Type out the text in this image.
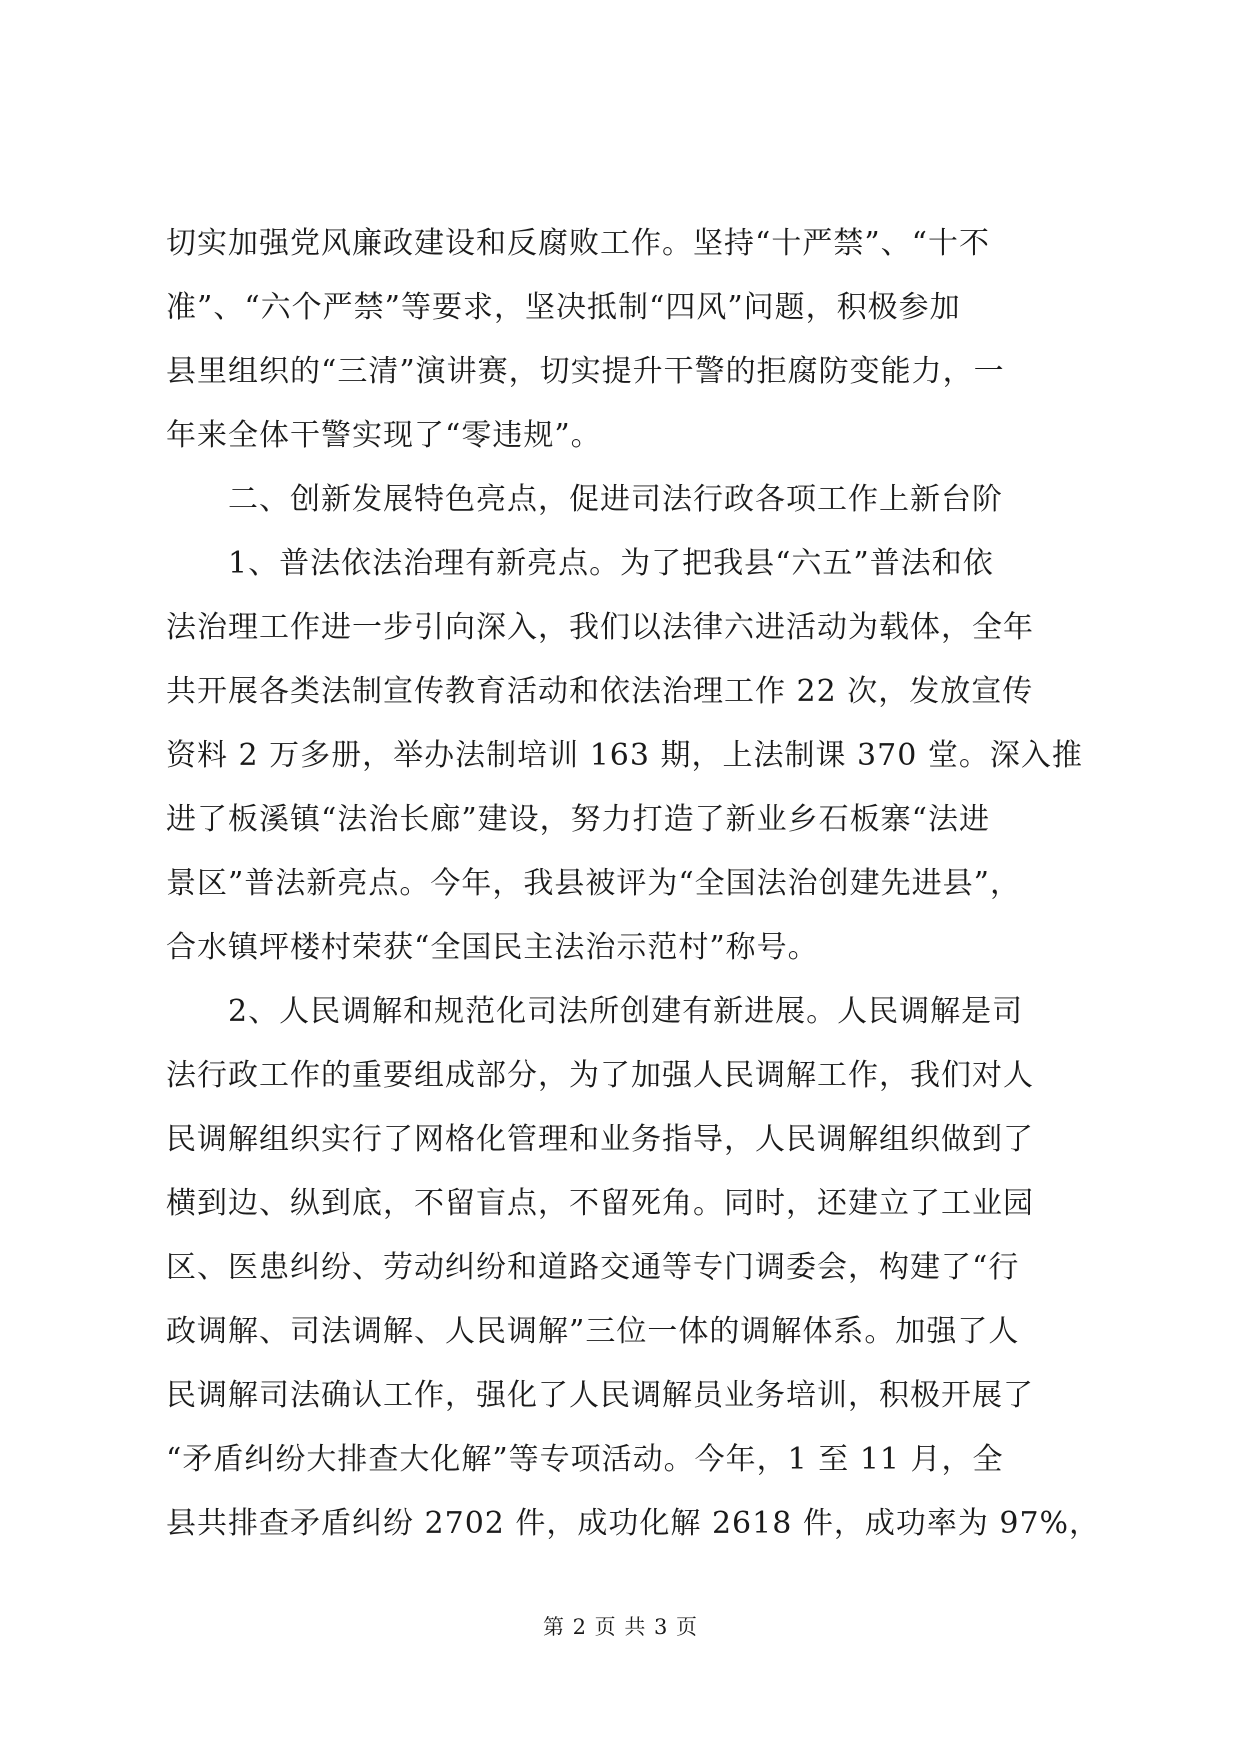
切实加强党风廉政建设和反腐败工作。坚持“十严禁”、“十不
准”、“六个严禁”等要求，坚决抵制“四风”问题，积极参加
县里组织的“三清”演讲赛，切实提升干警的拒腐防变能力，一
年来全体干警实现了“零违规”。
　　二、创新发展特色亮点，促进司法行政各项工作上新台阶
　　1、普法依法治理有新亮点。为了把我县“六五”普法和依
法治理工作进一步引向深入，我们以法律六进活动为载体，全年
共开展各类法制宣传教育活动和依法治理工作 22 次，发放宣传
资料 2 万多册，举办法制培训 163 期，上法制课 370 堂。深入推
进了板溪镇“法治长廊”建设，努力打造了新业乡石板寨“法进
景区”普法新亮点。今年，我县被评为“全国法治创建先进县”，
合水镇坪楼村荣获“全国民主法治示范村”称号。
　　2、人民调解和规范化司法所创建有新进展。人民调解是司
法行政工作的重要组成部分，为了加强人民调解工作，我们对人
民调解组织实行了网格化管理和业务指导，人民调解组织做到了
横到边、纵到底，不留盲点，不留死角。同时，还建立了工业园
区、医患纠纷、劳动纠纷和道路交通等专门调委会，构建了“行
政调解、司法调解、人民调解”三位一体的调解体系。加强了人
民调解司法确认工作，强化了人民调解员业务培训，积极开展了
“矛盾纠纷大排查大化解”等专项活动。今年，1 至 11 月，全
县共排查矛盾纠纷 2702 件，成功化解 2618 件，成功率为 97%，
第 2 页 共 3 页
